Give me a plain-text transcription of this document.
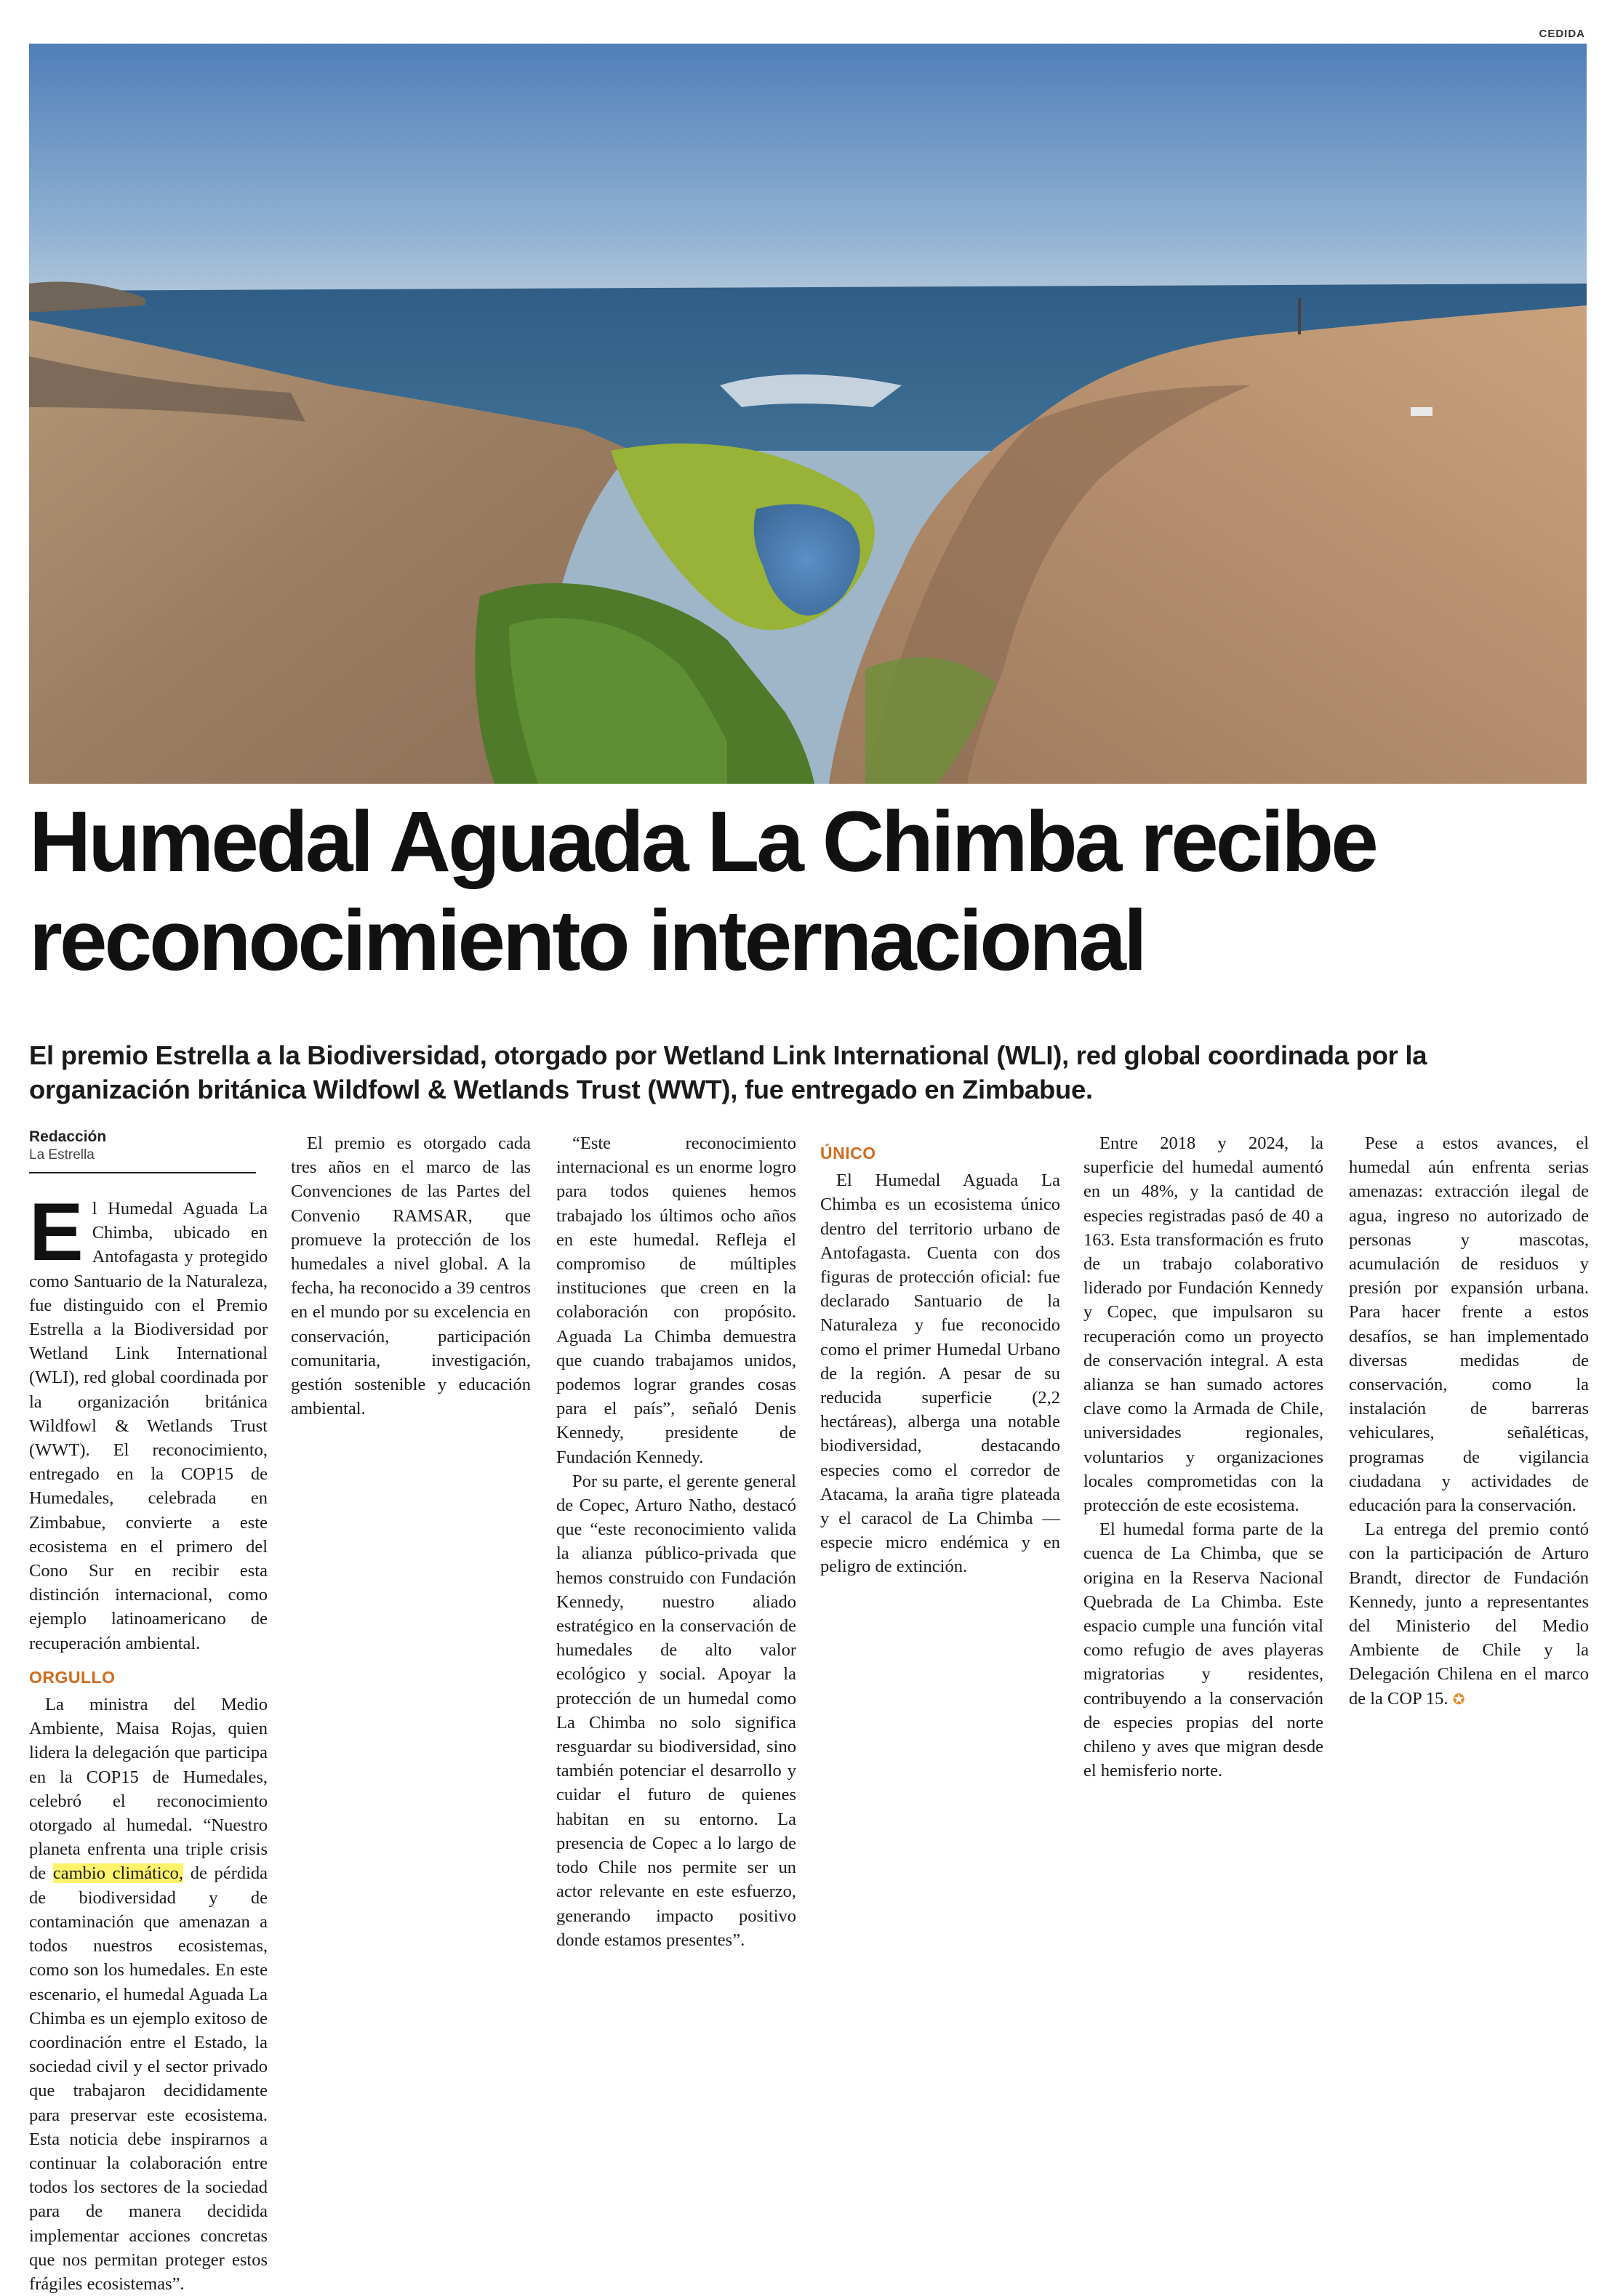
CEDIDA
Humedal Aguada La Chimba recibe reconocimiento internacional

El premio Estrella a la Biodiversidad, otorgado por Wetland Link International (WLI), red global coordinada por la organización británica Wildfowl & Wetlands Trust (WWT), fue entregado en Zimbabue.

Redacción
La Estrella

El Humedal Aguada La Chimba, ubicado en Antofagasta y protegido como Santuario de la Naturaleza, fue distinguido con el Premio Estrella a la Biodiversidad por Wetland Link International (WLI), red global coordinada por la organización británica Wildfowl & Wetlands Trust (WWT). El reconocimiento, entregado en la COP15 de Humedales, celebrada en Zimbabue, convierte a este ecosistema en el primero del Cono Sur en recibir esta distinción internacional, como ejemplo latinoamericano de recuperación ambiental.

ORGULLO

La ministra del Medio Ambiente, Maisa Rojas, quien lidera la delegación que participa en la COP15 de Humedales, celebró el reconocimiento otorgado al humedal. “Nuestro planeta enfrenta una triple crisis de cambio climático, de pérdida de biodiversidad y de contaminación que amenazan a todos nuestros ecosistemas, como son los humedales. En este escenario, el humedal Aguada La Chimba es un ejemplo exitoso de coordinación entre el Estado, la sociedad civil y el sector privado que trabajaron decididamente para preservar este ecosistema. Esta noticia debe inspirarnos a continuar la colaboración entre todos los sectores de la sociedad para de manera decidida implementar acciones concretas que nos permitan proteger estos frágiles ecosistemas”.

El premio es otorgado cada tres años en el marco de las Convenciones de las Partes del Convenio RAMSAR, que promueve la protección de los humedales a nivel global. A la fecha, ha reconocido a 39 centros en el mundo por su excelencia en conservación, participación comunitaria, investigación, gestión sostenible y educación ambiental.

“Este reconocimiento internacional es un enorme logro para todos quienes hemos trabajado los últimos ocho años en este humedal. Refleja el compromiso de múltiples instituciones que creen en la colaboración con propósito. Aguada La Chimba demuestra que cuando trabajamos unidos, podemos lograr grandes cosas para el país”, señaló Denis Kennedy, presidente de Fundación Kennedy.

Por su parte, el gerente general de Copec, Arturo Natho, destacó que “este reconocimiento valida la alianza público-privada que hemos construido con Fundación Kennedy, nuestro aliado estratégico en la conservación de humedales de alto valor ecológico y social. Apoyar la protección de un humedal como La Chimba no solo significa resguardar su biodiversidad, sino también potenciar el desarrollo y cuidar el futuro de quienes habitan en su entorno. La presencia de Copec a lo largo de todo Chile nos permite ser un actor relevante en este esfuerzo, generando impacto positivo donde estamos presentes”.

ÚNICO

El Humedal Aguada La Chimba es un ecosistema único dentro del territorio urbano de Antofagasta. Cuenta con dos figuras de protección oficial: fue declarado Santuario de la Naturaleza y fue reconocido como el primer Humedal Urbano de la región. A pesar de su reducida superficie (2,2 hectáreas), alberga una notable biodiversidad, destacando especies como el corredor de Atacama, la araña tigre plateada y el caracol de La Chimba —especie micro endémica y en peligro de extinción.

Entre 2018 y 2024, la superficie del humedal aumentó en un 48%, y la cantidad de especies registradas pasó de 40 a 163. Esta transformación es fruto de un trabajo colaborativo liderado por Fundación Kennedy y Copec, que impulsaron su recuperación como un proyecto de conservación integral. A esta alianza se han sumado actores clave como la Armada de Chile, universidades regionales, voluntarios y organizaciones locales comprometidas con la protección de este ecosistema.

El humedal forma parte de la cuenca de La Chimba, que se origina en la Reserva Nacional Quebrada de La Chimba. Este espacio cumple una función vital como refugio de aves playeras migratorias y residentes, contribuyendo a la conservación de especies propias del norte chileno y aves que migran desde el hemisferio norte.

Pese a estos avances, el humedal aún enfrenta serias amenazas: extracción ilegal de agua, ingreso no autorizado de personas y mascotas, acumulación de residuos y presión por expansión urbana. Para hacer frente a estos desafíos, se han implementado diversas medidas de conservación, como la instalación de barreras vehiculares, señaléticas, programas de vigilancia ciudadana y actividades de educación para la conservación.

La entrega del premio contó con la participación de Arturo Brandt, director de Fundación Kennedy, junto a representantes del Ministerio del Medio Ambiente de Chile y la Delegación Chilena en el marco de la COP 15. ✪
